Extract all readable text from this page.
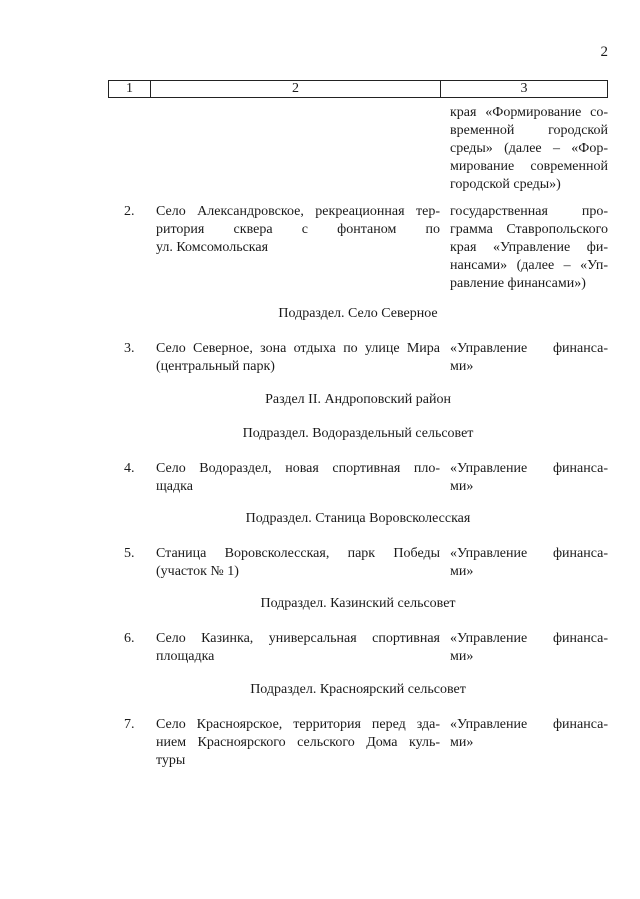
2
1	2	3
края «Формирование со-
временной городской
среды» (далее – «Фор-
мирование современной
городской среды»)
2. Село Александровское, рекреационная тер-
ритория сквера с фонтаном по
ул. Комсомольская
государственная про-
грамма Ставропольского
края «Управление фи-
нансами» (далее – «Уп-
равление финансами»)
Подраздел. Село Северное
3. Село Северное, зона отдыха по улице Мира
(центральный парк)
«Управление финанса-
ми»
Раздел II. Андроповский район
Подраздел. Водораздельный сельсовет
4. Село Водораздел, новая спортивная пло-
щадка
«Управление финанса-
ми»
Подраздел. Станица Воровсколесская
5. Станица Воровсколесская, парк Победы
(участок № 1)
«Управление финанса-
ми»
Подраздел. Казинский сельсовет
6. Село Казинка, универсальная спортивная
площадка
«Управление финанса-
ми»
Подраздел. Красноярский сельсовет
7. Село Красноярское, территория перед зда-
нием Красноярского сельского Дома куль-
туры
«Управление финанса-
ми»
